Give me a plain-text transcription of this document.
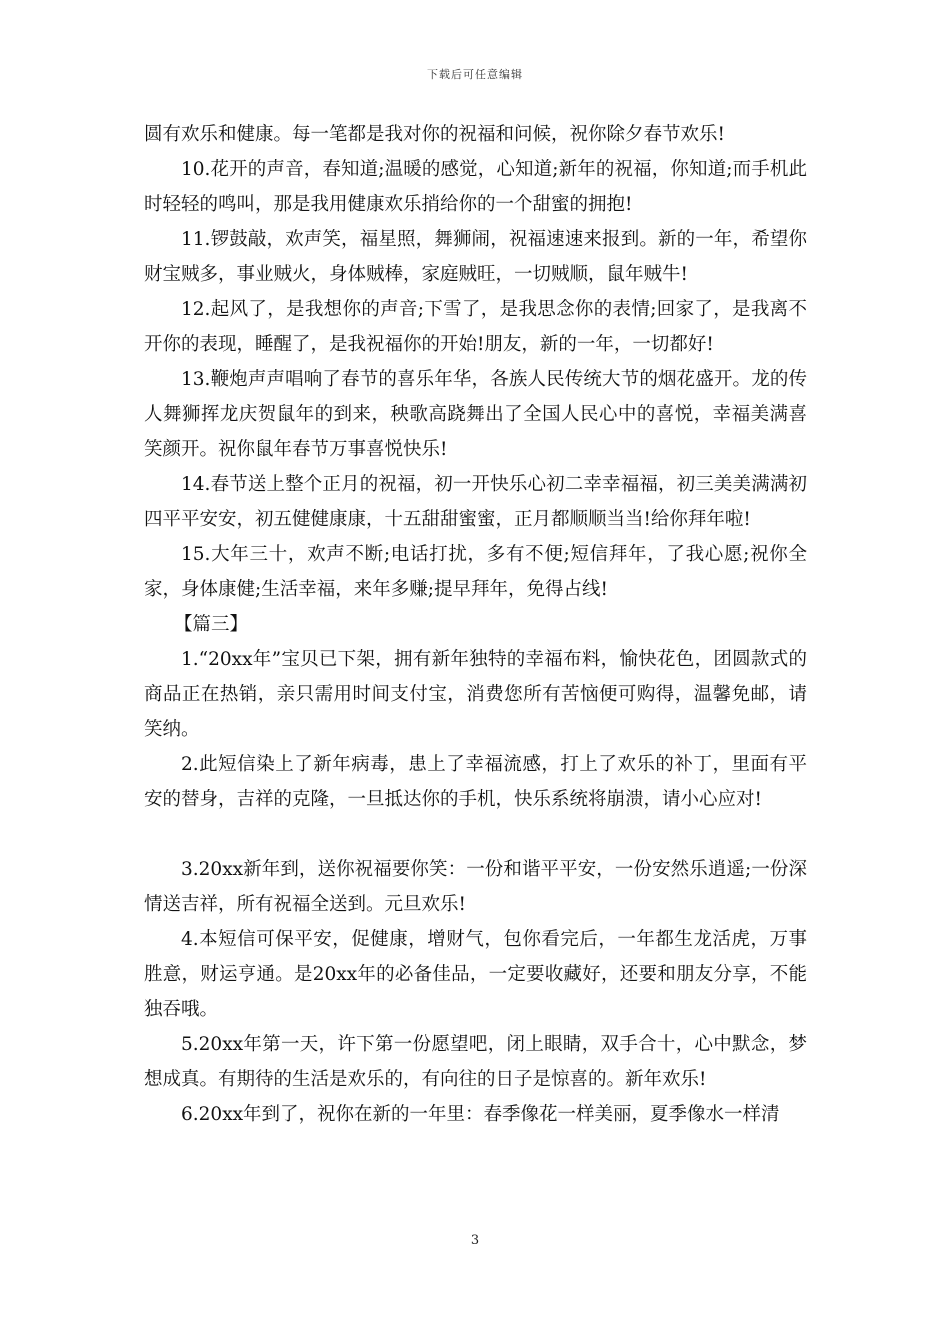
下载后可任意编辑

圆有欢乐和健康。每一笔都是我对你的祝福和问候，祝你除夕春节欢乐!

10.花开的声音，春知道;温暖的感觉，心知道;新年的祝福，你知道;而手机此时轻轻的鸣叫，那是我用健康欢乐捎给你的一个甜蜜的拥抱!

11.锣鼓敲，欢声笑，福星照，舞狮闹，祝福速速来报到。新的一年，希望你财宝贼多，事业贼火，身体贼棒，家庭贼旺，一切贼顺，鼠年贼牛!

12.起风了，是我想你的声音;下雪了，是我思念你的表情;回家了，是我离不开你的表现，睡醒了，是我祝福你的开始!朋友，新的一年，一切都好!

13.鞭炮声声唱响了春节的喜乐年华，各族人民传统大节的烟花盛开。龙的传人舞狮挥龙庆贺鼠年的到来，秧歌高跷舞出了全国人民心中的喜悦，幸福美满喜笑颜开。祝你鼠年春节万事喜悦快乐!

14.春节送上整个正月的祝福，初一开快乐心初二幸幸福福，初三美美满满初四平平安安，初五健健康康，十五甜甜蜜蜜，正月都顺顺当当!给你拜年啦!

15.大年三十，欢声不断;电话打扰，多有不便;短信拜年，了我心愿;祝你全家，身体康健;生活幸福，来年多赚;提早拜年，免得占线!

【篇三】

1.“20xx年”宝贝已下架，拥有新年独特的幸福布料，愉快花色，团圆款式的商品正在热销，亲只需用时间支付宝，消费您所有苦恼便可购得，温馨免邮，请笑纳。

2.此短信染上了新年病毒，患上了幸福流感，打上了欢乐的补丁，里面有平安的替身，吉祥的克隆，一旦抵达你的手机，快乐系统将崩溃，请小心应对!

3.20xx新年到，送你祝福要你笑：一份和谐平平安，一份安然乐逍遥;一份深情送吉祥，所有祝福全送到。元旦欢乐!

4.本短信可保平安，促健康，增财气，包你看完后，一年都生龙活虎，万事胜意，财运亨通。是20xx年的必备佳品，一定要收藏好，还要和朋友分享，不能独吞哦。

5.20xx年第一天，许下第一份愿望吧，闭上眼睛，双手合十，心中默念，梦想成真。有期待的生活是欢乐的，有向往的日子是惊喜的。新年欢乐!

6.20xx年到了，祝你在新的一年里：春季像花一样美丽，夏季像水一样清

3
